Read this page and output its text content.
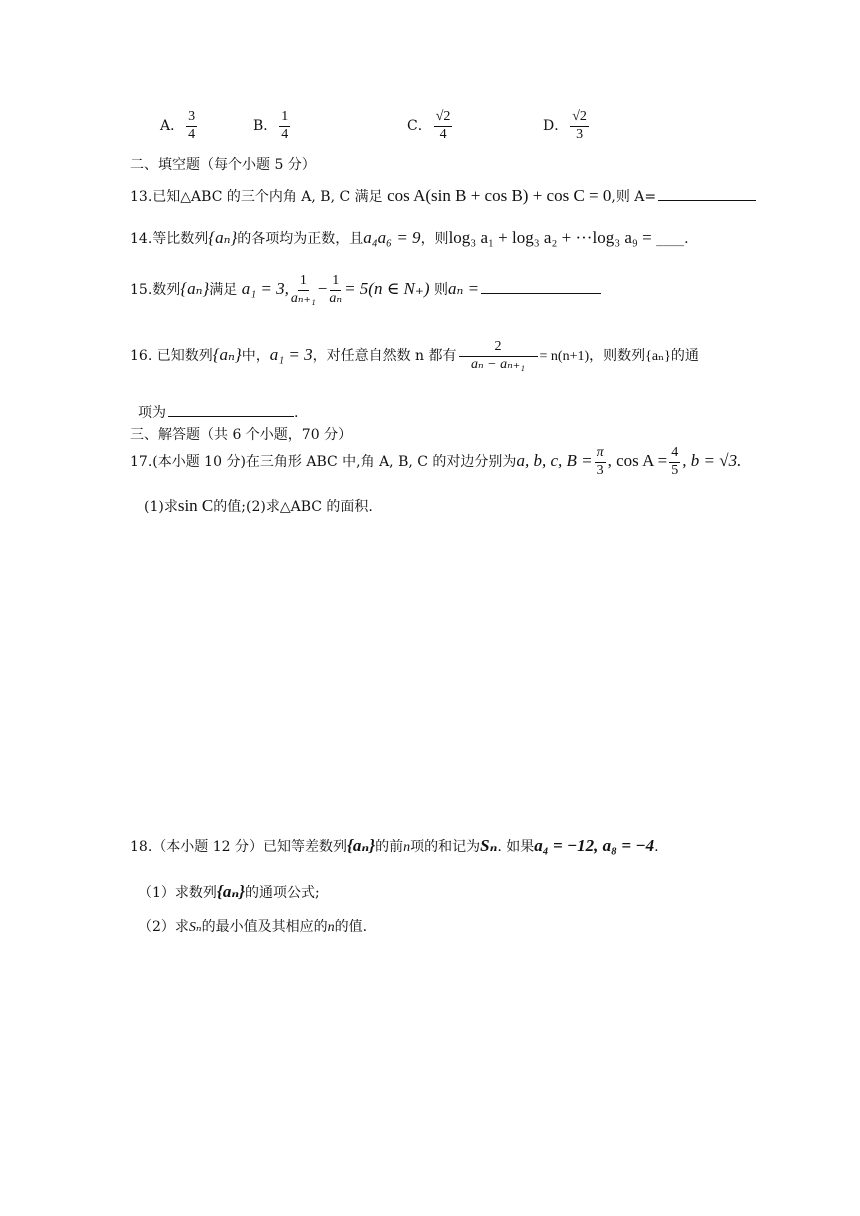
A． $\frac{3}{4}$	B． $\frac{1}{4}$	C． $\frac{√2}{4}$	D． $\frac{√2}{3}$
二、填空题（每个小题 5 分）
13.已知△ABC 的三个内角 A, B, C 满足 cos A(sin B + cos B) + cos C = 0,则 A=
14.等比数列{aₙ}的各项均为正数，且a₄a₆ = 9，则log₃ a₁ + log₃ a₂ + ···log₃ a₉ = ____.
15.数列{aₙ}满足 a₁ = 3, $\frac{1}{\text{aₙ₊₁}} - \frac{1}{\text{aₙ}} = 5(n$ ∈ N₊) 则aₙ =
16. 已知数列{aₙ}中，a₁ = 3，对任意自然数 n 都有 $\frac{2}{\text{aₙ − aₙ₊₁}} = n(n+1)$，则数列{aₙ}的通
项为	.
三、解答题（共 6 个小题，70 分）
17.(本小题 10 分)在三角形 ABC 中,角 A, B, C 的对边分别为a, b, c, $B = \frac{\pi}{3}$ , $\cos A = \frac{4}{5}$ , b = √3.
(1)求sin C的值;(2)求△ABC 的面积.
18.（本小题 12 分）已知等差数列{aₙ}的前n项的和记为Sₙ. 如果a₄ = −12, a₈ = −4.
（1）求数列{aₙ}的通项公式;
（2）求Sₙ的最小值及其相应的n的值.
